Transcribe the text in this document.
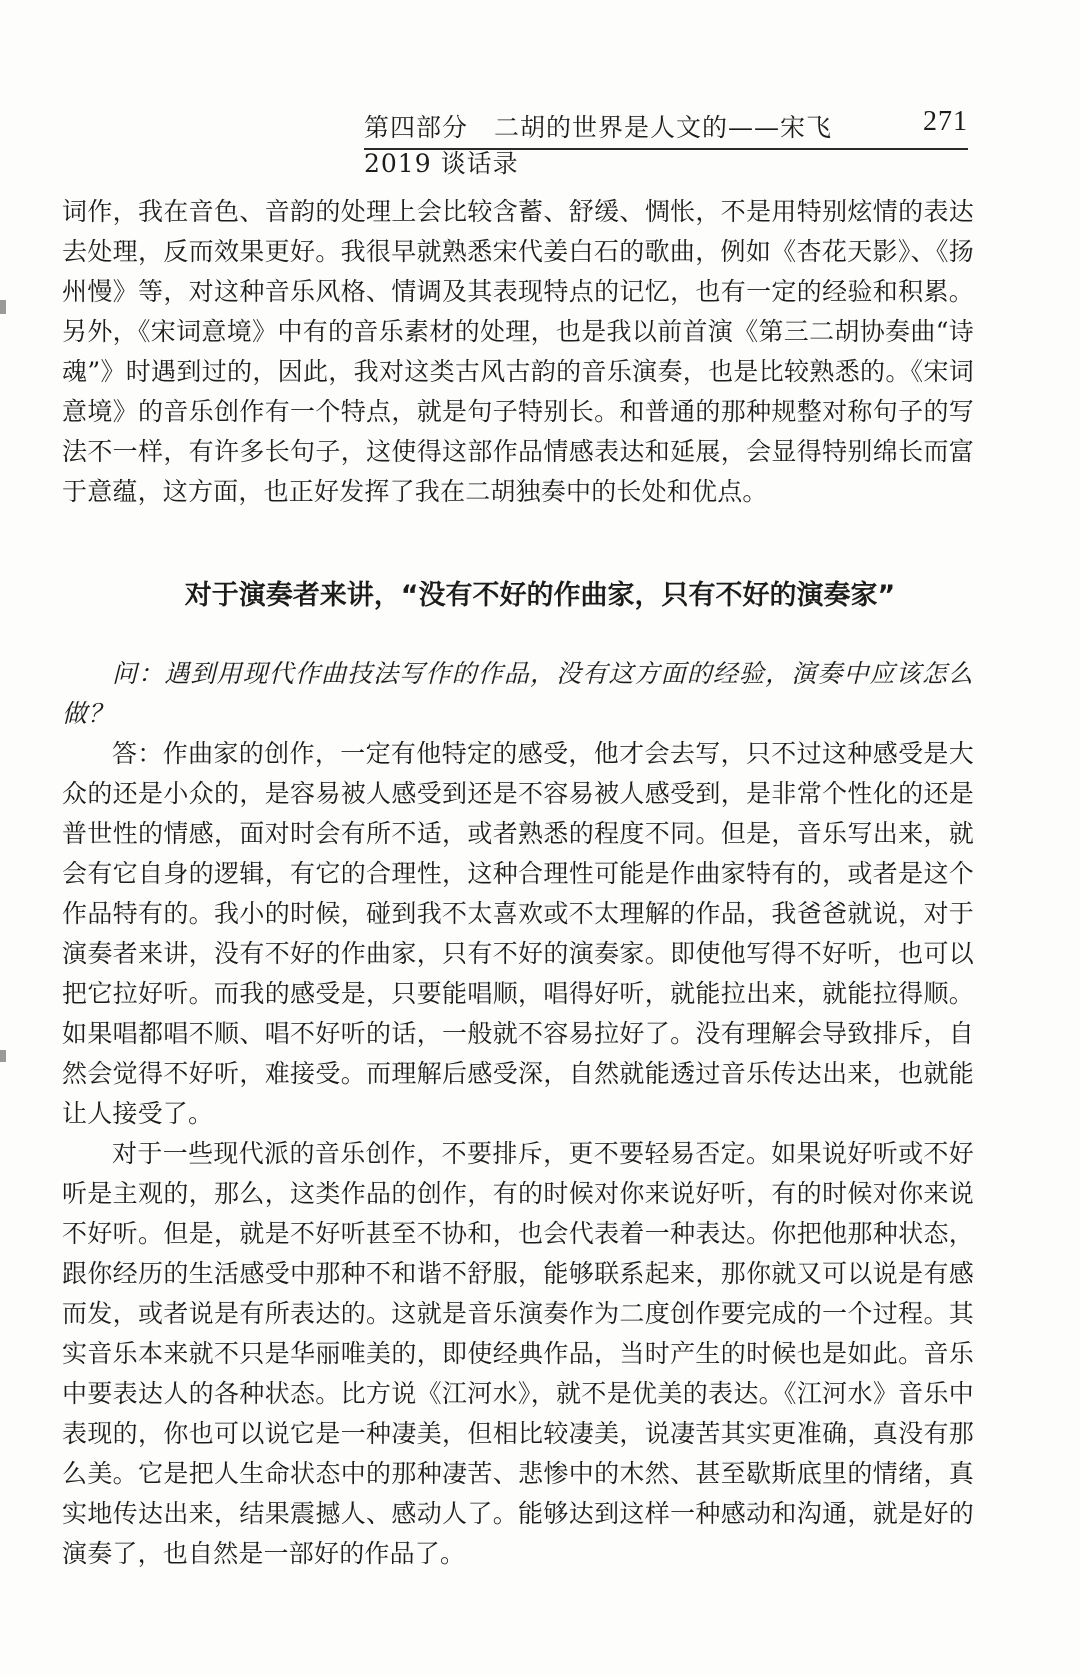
第四部分　二胡的世界是人文的——宋飞 2019 谈话录
271

词作，我在音色、音韵的处理上会比较含蓄、舒缓、惆怅，不是用特别炫情的表达去处理，反而效果更好。我很早就熟悉宋代姜白石的歌曲，例如《杏花天影》、《扬州慢》等，对这种音乐风格、情调及其表现特点的记忆，也有一定的经验和积累。另外，《宋词意境》中有的音乐素材的处理，也是我以前首演《第三二胡协奏曲“诗魂”》时遇到过的，因此，我对这类古风古韵的音乐演奏，也是比较熟悉的。《宋词意境》的音乐创作有一个特点，就是句子特别长。和普通的那种规整对称句子的写法不一样，有许多长句子，这使得这部作品情感表达和延展，会显得特别绵长而富于意蕴，这方面，也正好发挥了我在二胡独奏中的长处和优点。

对于演奏者来讲，“没有不好的作曲家，只有不好的演奏家”

问：遇到用现代作曲技法写作的作品，没有这方面的经验，演奏中应该怎么做？

答：作曲家的创作，一定有他特定的感受，他才会去写，只不过这种感受是大众的还是小众的，是容易被人感受到还是不容易被人感受到，是非常个性化的还是普世性的情感，面对时会有所不适，或者熟悉的程度不同。但是，音乐写出来，就会有它自身的逻辑，有它的合理性，这种合理性可能是作曲家特有的，或者是这个作品特有的。我小的时候，碰到我不太喜欢或不太理解的作品，我爸爸就说，对于演奏者来讲，没有不好的作曲家，只有不好的演奏家。即使他写得不好听，也可以把它拉好听。而我的感受是，只要能唱顺，唱得好听，就能拉出来，就能拉得顺。如果唱都唱不顺、唱不好听的话，一般就不容易拉好了。没有理解会导致排斥，自然会觉得不好听，难接受。而理解后感受深，自然就能透过音乐传达出来，也就能让人接受了。

对于一些现代派的音乐创作，不要排斥，更不要轻易否定。如果说好听或不好听是主观的，那么，这类作品的创作，有的时候对你来说好听，有的时候对你来说不好听。但是，就是不好听甚至不协和，也会代表着一种表达。你把他那种状态，跟你经历的生活感受中那种不和谐不舒服，能够联系起来，那你就又可以说是有感而发，或者说是有所表达的。这就是音乐演奏作为二度创作要完成的一个过程。其实音乐本来就不只是华丽唯美的，即使经典作品，当时产生的时候也是如此。音乐中要表达人的各种状态。比方说《江河水》，就不是优美的表达。《江河水》音乐中表现的，你也可以说它是一种凄美，但相比较凄美，说凄苦其实更准确，真没有那么美。它是把人生命状态中的那种凄苦、悲惨中的木然、甚至歇斯底里的情绪，真实地传达出来，结果震撼人、感动人了。能够达到这样一种感动和沟通，就是好的演奏了，也自然是一部好的作品了。
